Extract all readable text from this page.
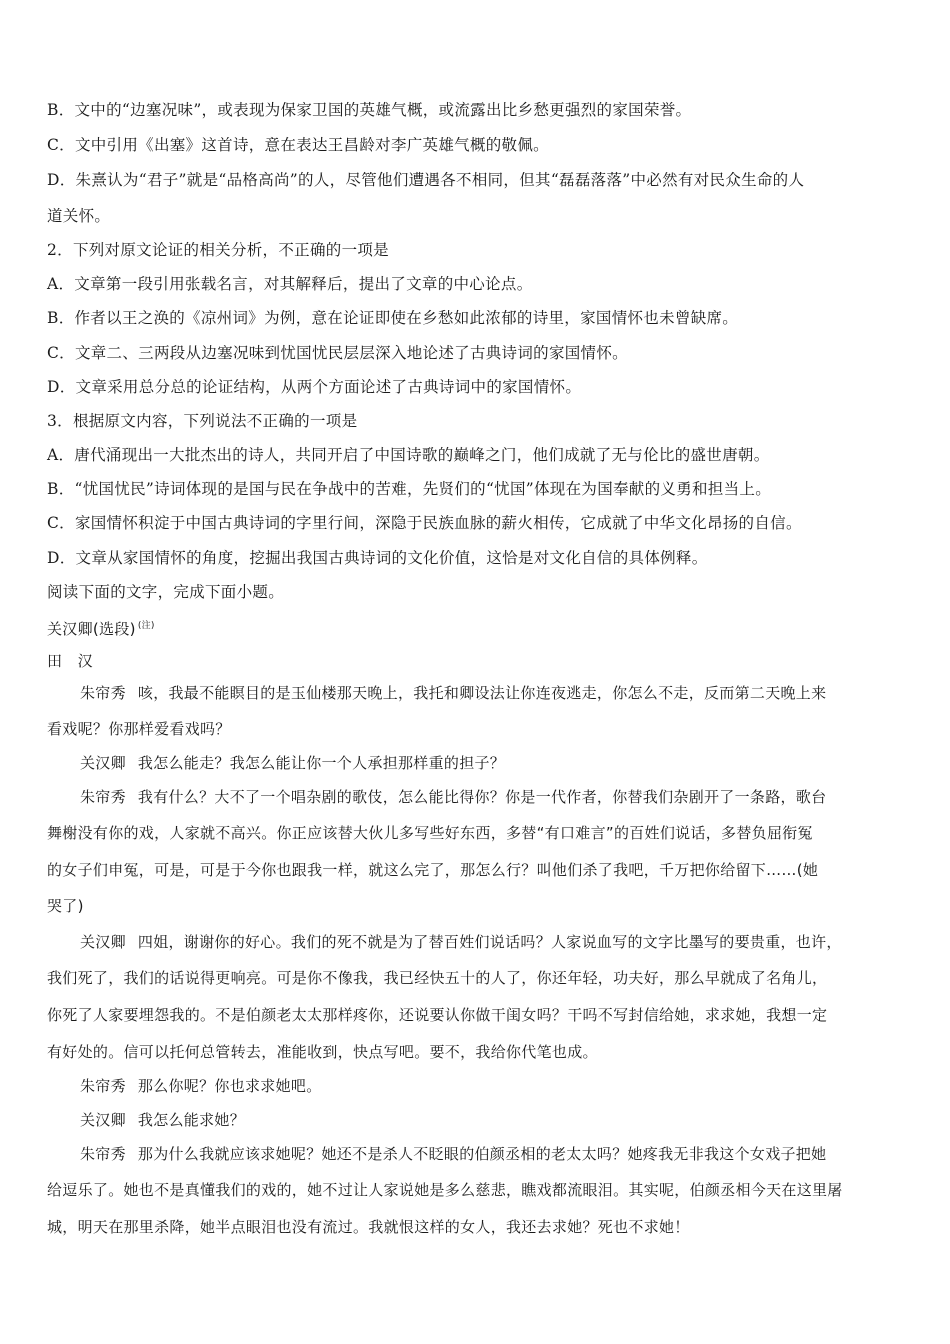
B．文中的“边塞况味”，或表现为保家卫国的英雄气概，或流露出比乡愁更强烈的家国荣誉。
C．文中引用《出塞》这首诗，意在表达王昌龄对李广英雄气概的敬佩。
D．朱熹认为“君子”就是“品格高尚”的人，尽管他们遭遇各不相同，但其“磊磊落落”中必然有对民众生命的人
道关怀。
2．下列对原文论证的相关分析，不正确的一项是
A．文章第一段引用张载名言，对其解释后，提出了文章的中心论点。
B．作者以王之涣的《凉州词》为例，意在论证即使在乡愁如此浓郁的诗里，家国情怀也未曾缺席。
C．文章二、三两段从边塞况味到忧国忧民层层深入地论述了古典诗词的家国情怀。
D．文章采用总分总的论证结构，从两个方面论述了古典诗词中的家国情怀。
3．根据原文内容，下列说法不正确的一项是
A．唐代涌现出一大批杰出的诗人，共同开启了中国诗歌的巅峰之门，他们成就了无与伦比的盛世唐朝。
B．“忧国忧民”诗词体现的是国与民在争战中的苦难，先贤们的“忧国”体现在为国奉献的义勇和担当上。
C．家国情怀积淀于中国古典诗词的字里行间，深隐于民族血脉的薪火相传，它成就了中华文化昂扬的自信。
D．文章从家国情怀的角度，挖掘出我国古典诗词的文化价值，这恰是对文化自信的具体例释。
阅读下面的文字，完成下面小题。
关汉卿(选段) $^{(注)}$
田　汉
朱帘秀 咳，我最不能瞑目的是玉仙楼那天晚上，我托和卿设法让你连夜逃走，你怎么不走，反而第二天晚上来
看戏呢？你那样爱看戏吗？
关汉卿 我怎么能走？我怎么能让你一个人承担那样重的担子？
朱帘秀 我有什么？大不了一个唱杂剧的歌伎，怎么能比得你？你是一代作者，你替我们杂剧开了一条路，歌台
舞榭没有你的戏，人家就不高兴。你正应该替大伙儿多写些好东西，多替“有口难言”的百姓们说话，多替负屈衔冤
的女子们申冤，可是，可是于今你也跟我一样，就这么完了，那怎么行？叫他们杀了我吧，千万把你给留下……(她
哭了)
关汉卿 四姐，谢谢你的好心。我们的死不就是为了替百姓们说话吗？人家说血写的文字比墨写的要贵重，也许，
我们死了，我们的话说得更响亮。可是你不像我，我已经快五十的人了，你还年轻，功夫好，那么早就成了名角儿，
你死了人家要埋怨我的。不是伯颜老太太那样疼你，还说要认你做干闺女吗？干吗不写封信给她，求求她，我想一定
有好处的。信可以托何总管转去，准能收到，快点写吧。要不，我给你代笔也成。
朱帘秀 那么你呢？你也求求她吧。
关汉卿 我怎么能求她？
朱帘秀 那为什么我就应该求她呢？她还不是杀人不眨眼的伯颜丞相的老太太吗？她疼我无非我这个女戏子把她
给逗乐了。她也不是真懂我们的戏的，她不过让人家说她是多么慈悲，瞧戏都流眼泪。其实呢，伯颜丞相今天在这里屠
城，明天在那里杀降，她半点眼泪也没有流过。我就恨这样的女人，我还去求她？死也不求她！
